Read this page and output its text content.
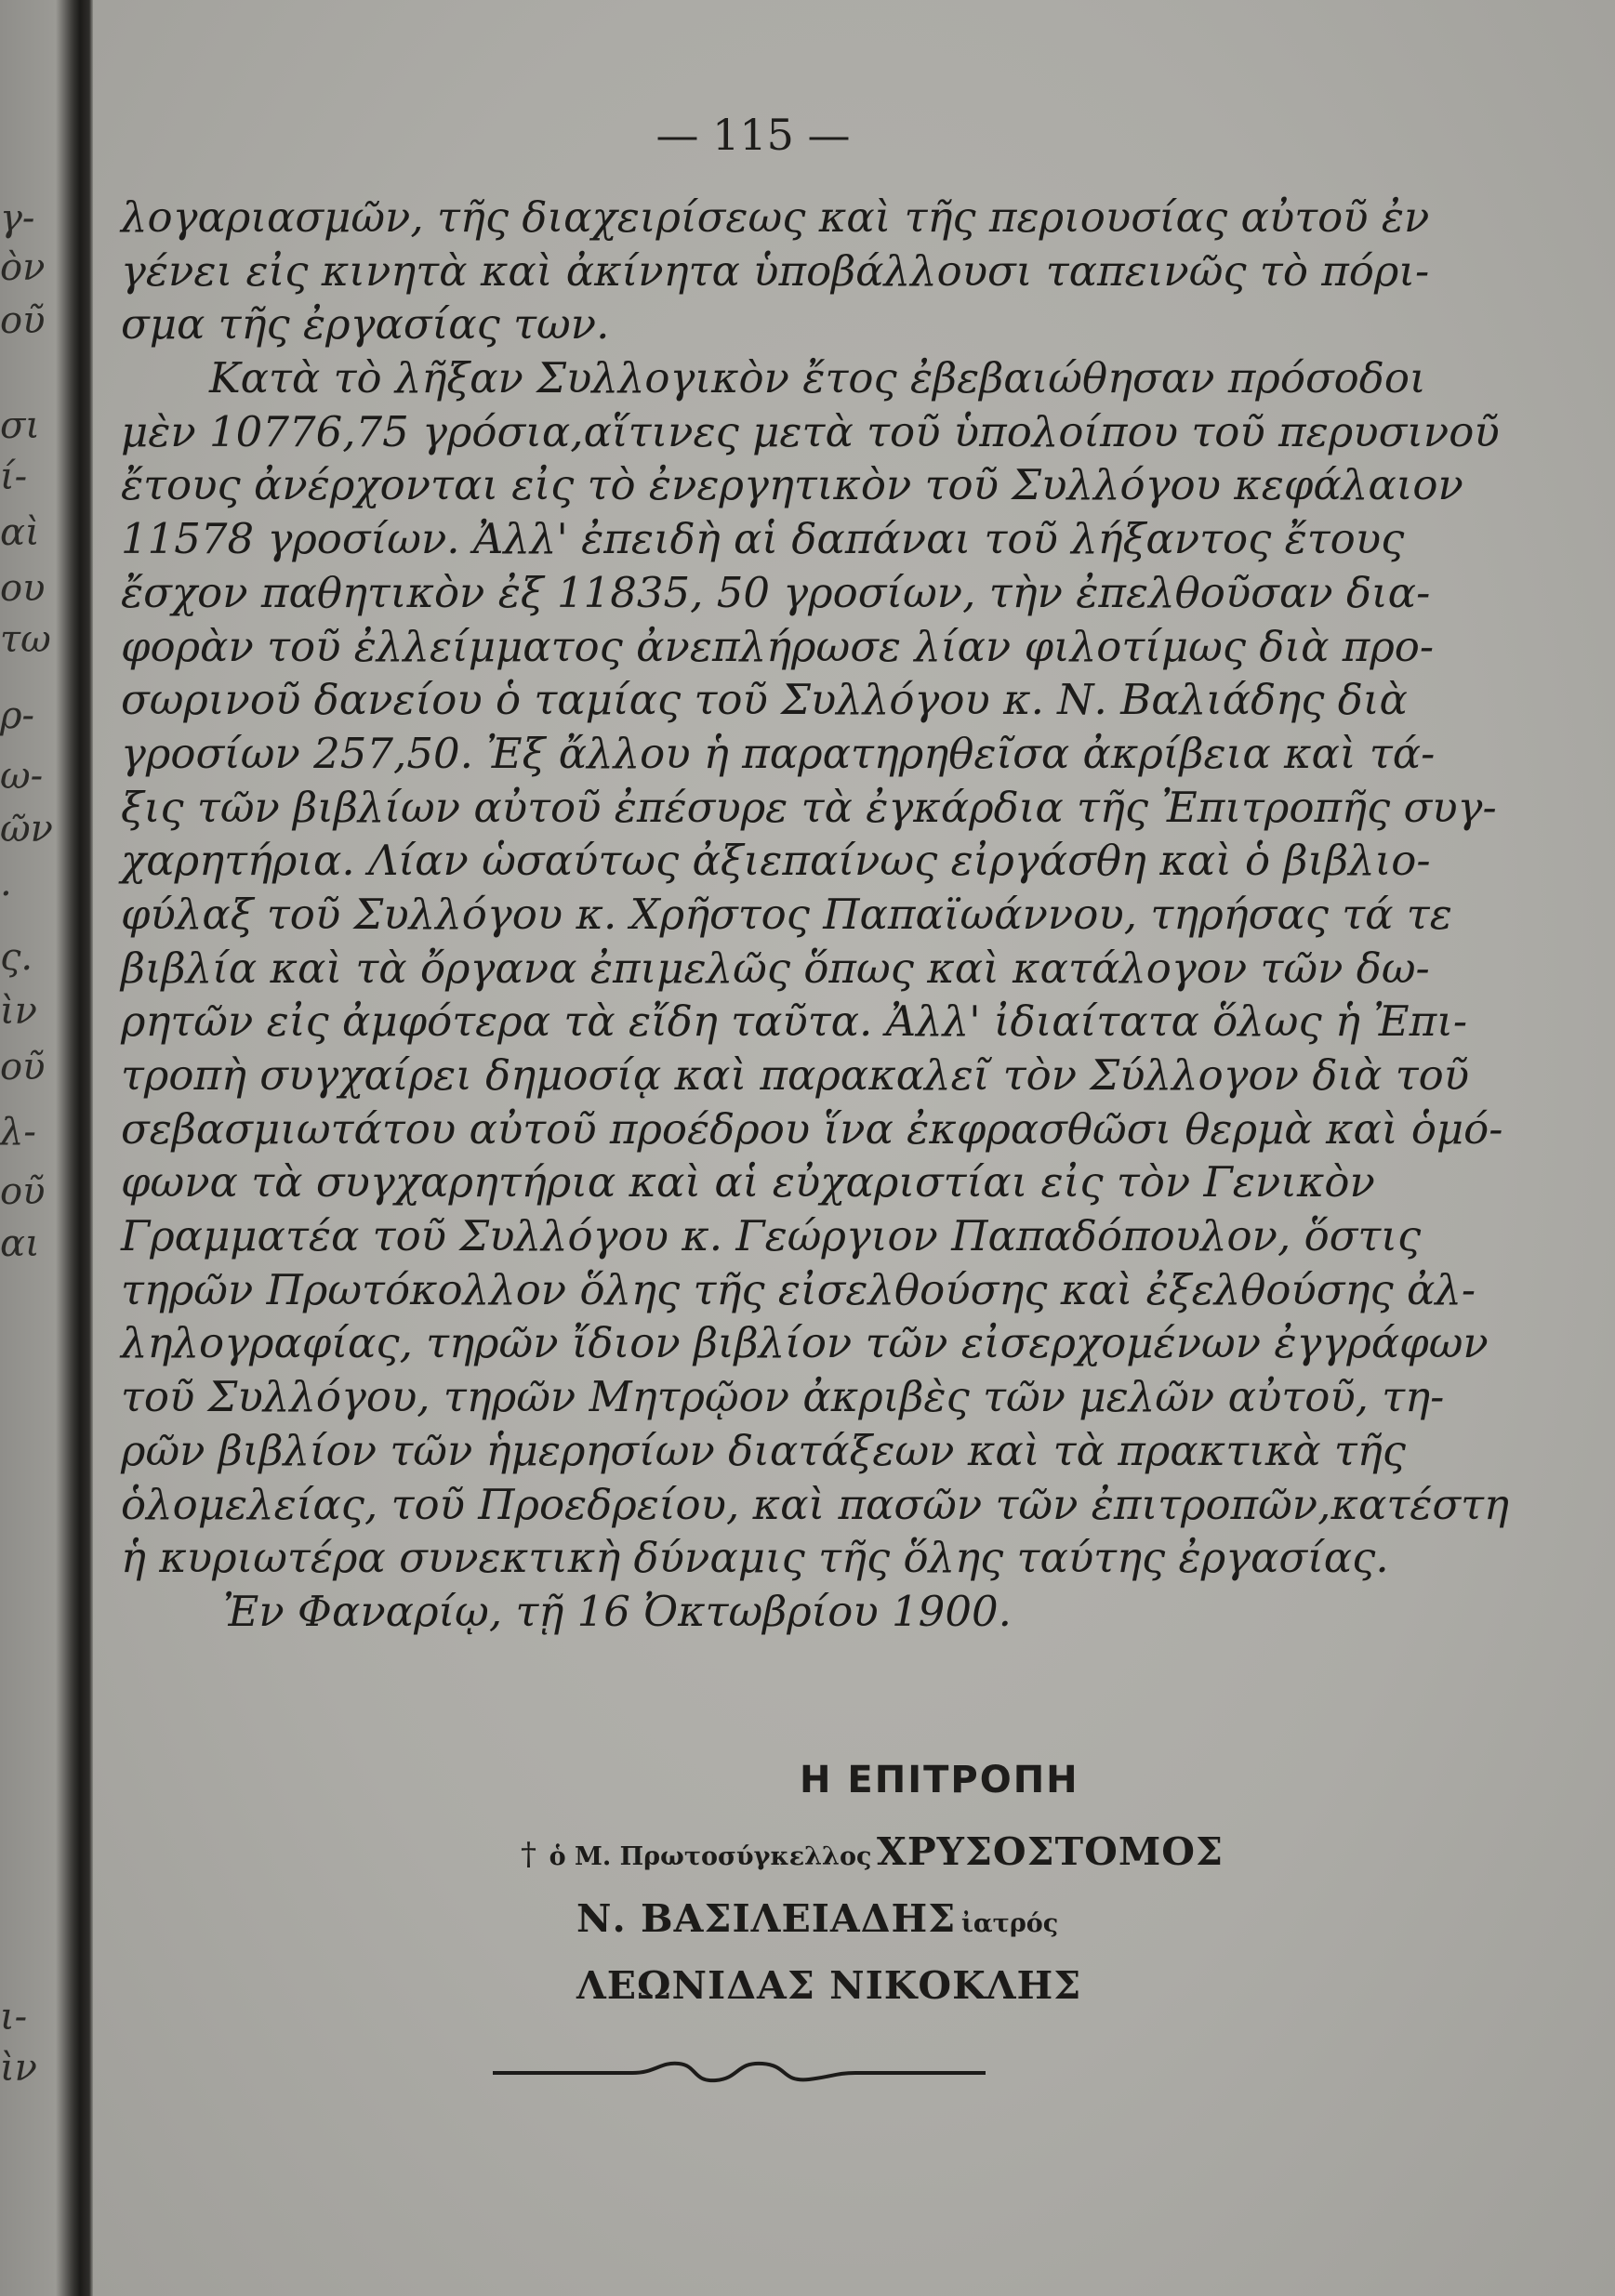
γ-
ὸν
οῦ
σι
ί-
αὶ
ου
τω
ρ-
ω-
ῶν
.
ς.
ὶν
οῦ
λ-
οῦ
αι
ι-
ὶν
— 115 —
λογαριασμῶν, τῆς διαχειρίσεως καὶ τῆς περιουσίας αὐτοῦ ἐν
γένει εἰς κινητὰ καὶ ἀκίνητα ὑποβάλλουσι ταπεινῶς τὸ πόρι-
σμα τῆς ἐργασίας των.
Κατὰ τὸ λῆξαν Συλλογικὸν ἔτος ἐβεβαιώθησαν πρόσοδοι
μὲν 10776,75 γρόσια,αἵτινες μετὰ τοῦ ὑπολοίπου τοῦ περυσινοῦ
ἔτους ἀνέρχονται εἰς τὸ ἐνεργητικὸν τοῦ Συλλόγου κεφάλαιον
11578 γροσίων. Ἀλλ' ἐπειδὴ αἱ δαπάναι τοῦ λήξαντος ἔτους
ἔσχον παθητικὸν ἐξ 11835, 50 γροσίων, τὴν ἐπελθοῦσαν δια-
φορὰν τοῦ ἐλλείμματος ἀνεπλήρωσε λίαν φιλοτίμως διὰ προ-
σωρινοῦ δανείου ὁ ταμίας τοῦ Συλλόγου κ. Ν. Βαλιάδης διὰ
γροσίων 257,50. Ἐξ ἄλλου ἡ παρατηρηθεῖσα ἀκρίβεια καὶ τά-
ξις τῶν βιβλίων αὐτοῦ ἐπέσυρε τὰ ἐγκάρδια τῆς Ἐπιτροπῆς συγ-
χαρητήρια. Λίαν ὡσαύτως ἀξιεπαίνως εἰργάσθη καὶ ὁ βιβλιο-
φύλαξ τοῦ Συλλόγου κ. Χρῆστος Παπαϊωάννου, τηρήσας τά τε
βιβλία καὶ τὰ ὄργανα ἐπιμελῶς ὅπως καὶ κατάλογον τῶν δω-
ρητῶν εἰς ἀμφότερα τὰ εἴδη ταῦτα. Ἀλλ' ἰδιαίτατα ὅλως ἡ Ἐπι-
τροπὴ συγχαίρει δημοσίᾳ καὶ παρακαλεῖ τὸν Σύλλογον διὰ τοῦ
σεβασμιωτάτου αὐτοῦ προέδρου ἵνα ἐκφρασθῶσι θερμὰ καὶ ὁμό-
φωνα τὰ συγχαρητήρια καὶ αἱ εὐχαριστίαι εἰς τὸν Γενικὸν
Γραμματέα τοῦ Συλλόγου κ. Γεώργιον Παπαδόπουλον, ὅστις
τηρῶν Πρωτόκολλον ὅλης τῆς εἰσελθούσης καὶ ἐξελθούσης ἀλ-
ληλογραφίας, τηρῶν ἴδιον βιβλίον τῶν εἰσερχομένων ἐγγράφων
τοῦ Συλλόγου, τηρῶν Μητρῷον ἀκριβὲς τῶν μελῶν αὐτοῦ, τη-
ρῶν βιβλίον τῶν ἡμερησίων διατάξεων καὶ τὰ πρακτικὰ τῆς
ὁλομελείας, τοῦ Προεδρείου, καὶ πασῶν τῶν ἐπιτροπῶν,κατέστη
ἡ κυριωτέρα συνεκτικὴ δύναμις τῆς ὅλης ταύτης ἐργασίας.
Ἐν Φαναρίῳ, τῇ 16 Ὀκτωβρίου 1900.
Η ΕΠΙΤΡΟΠΗ
† ὁ Μ. Πρωτοσύγκελλος ΧΡΥΣΟΣΤΟΜΟΣ
Ν. ΒΑΣΙΛΕΙΑΔΗΣ ἰατρός
ΛΕΩΝΙΔΑΣ ΝΙΚΟΚΛΗΣ
